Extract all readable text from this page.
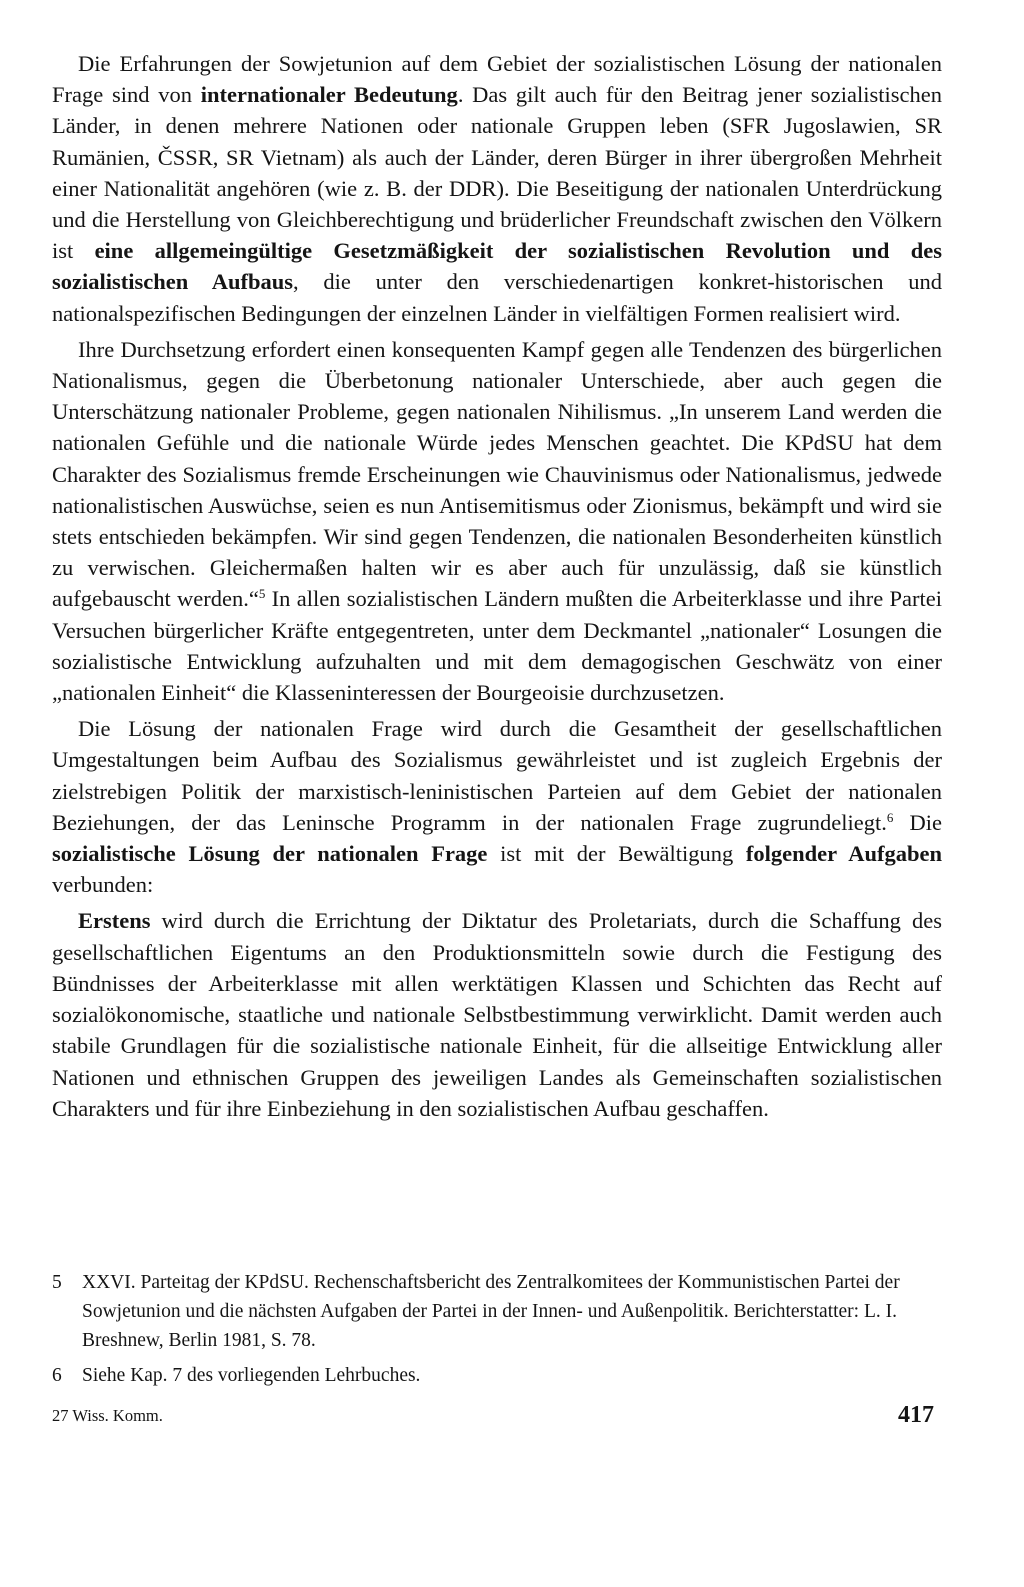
Die Erfahrungen der Sowjetunion auf dem Gebiet der sozialistischen Lösung der nationalen Frage sind von internationaler Bedeutung. Das gilt auch für den Beitrag jener sozialistischen Länder, in denen mehrere Nationen oder nationale Gruppen leben (SFR Jugoslawien, SR Rumänien, ČSSR, SR Vietnam) als auch der Länder, deren Bürger in ihrer übergroßen Mehrheit einer Nationalität angehören (wie z. B. der DDR). Die Beseitigung der nationalen Unterdrückung und die Herstellung von Gleichberechtigung und brüderlicher Freundschaft zwischen den Völkern ist eine allgemeingültige Gesetzmäßigkeit der sozialistischen Revolution und des sozialistischen Aufbaus, die unter den verschiedenartigen konkret-historischen und nationalspezifischen Bedingungen der einzelnen Länder in vielfältigen Formen realisiert wird.

Ihre Durchsetzung erfordert einen konsequenten Kampf gegen alle Tendenzen des bürgerlichen Nationalismus, gegen die Überbetonung nationaler Unterschiede, aber auch gegen die Unterschätzung nationaler Probleme, gegen nationalen Nihilismus. „In unserem Land werden die nationalen Gefühle und die nationale Würde jedes Menschen geachtet. Die KPdSU hat dem Charakter des Sozialismus fremde Erscheinungen wie Chauvinismus oder Nationalismus, jedwede nationalistischen Auswüchse, seien es nun Antisemitismus oder Zionismus, bekämpft und wird sie stets entschieden bekämpfen. Wir sind gegen Tendenzen, die nationalen Besonderheiten künstlich zu verwischen. Gleichermaßen halten wir es aber auch für unzulässig, daß sie künstlich aufgebauscht werden.“$^5$ In allen sozialistischen Ländern mußten die Arbeiterklasse und ihre Partei Versuchen bürgerlicher Kräfte entgegentreten, unter dem Deckmantel „nationaler“ Losungen die sozialistische Entwicklung aufzuhalten und mit dem demagogischen Geschwätz von einer „nationalen Einheit“ die Klasseninteressen der Bourgeoisie durchzusetzen.

Die Lösung der nationalen Frage wird durch die Gesamtheit der gesellschaftlichen Umgestaltungen beim Aufbau des Sozialismus gewährleistet und ist zugleich Ergebnis der zielstrebigen Politik der marxistisch-leninistischen Parteien auf dem Gebiet der nationalen Beziehungen, der das Leninsche Programm in der nationalen Frage zugrundeliegt.$^6$ Die sozialistische Lösung der nationalen Frage ist mit der Bewältigung folgender Aufgaben verbunden:

Erstens wird durch die Errichtung der Diktatur des Proletariats, durch die Schaffung des gesellschaftlichen Eigentums an den Produktionsmitteln sowie durch die Festigung des Bündnisses der Arbeiterklasse mit allen werktätigen Klassen und Schichten das Recht auf sozialökonomische, staatliche und nationale Selbstbestimmung verwirklicht. Damit werden auch stabile Grundlagen für die sozialistische nationale Einheit, für die allseitige Entwicklung aller Nationen und ethnischen Gruppen des jeweiligen Landes als Gemeinschaften sozialistischen Charakters und für ihre Einbeziehung in den sozialistischen Aufbau geschaffen.

5	XXVI. Parteitag der KPdSU. Rechenschaftsbericht des Zentralkomitees der Kommunistischen Partei der Sowjetunion und die nächsten Aufgaben der Partei in der Innen- und Außenpolitik. Berichterstatter: L. I. Breshnew, Berlin 1981, S. 78.
6	Siehe Kap. 7 des vorliegenden Lehrbuches.
27 Wiss. Komm.	417
